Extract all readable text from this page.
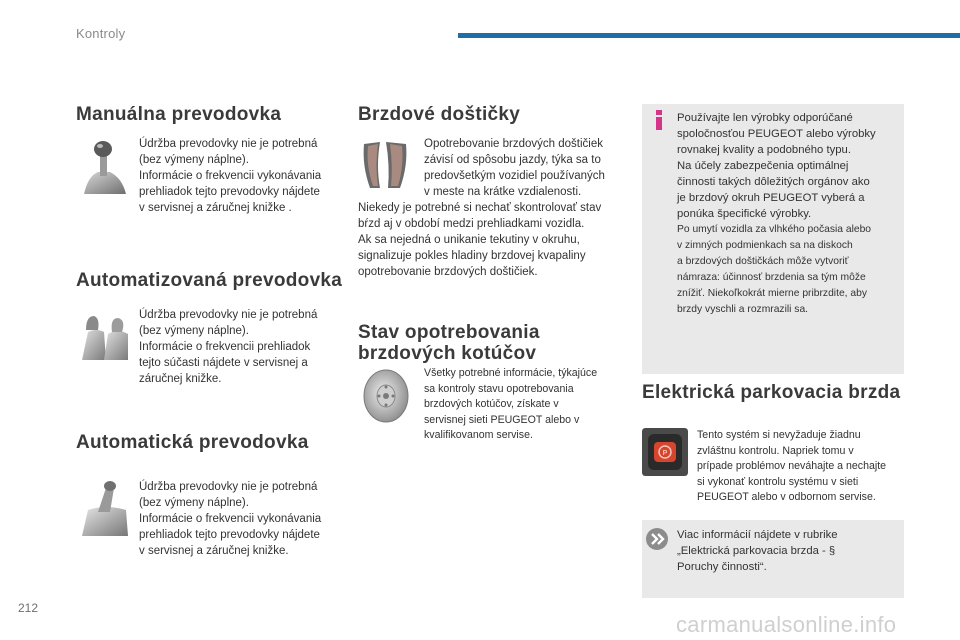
Kontroly
Manuálna prevodovka

Údržba prevodovky nie je potrebná

(bez výmeny náplne).

Informácie o frekvencii vykonávania

prehliadok tejto prevodovky nájdete

v servisnej a záručnej knižke .

Automatizovaná prevodovka

Údržba prevodovky nie je potrebná

(bez výmeny náplne).

Informácie o frekvencii prehliadok

tejto súčasti nájdete v servisnej a

záručnej knižke.

Automatická prevodovka

Údržba prevodovky nie je potrebná

(bez výmeny náplne).

Informácie o frekvencii vykonávania

prehliadok tejto prevodovky nájdete

v servisnej a záručnej knižke.

Brzdové doštičky

Opotrebovanie brzdových doštičiek

závisí od spôsobu jazdy, týka sa to

predovšetkým vozidiel používaných

v meste na krátke vzdialenosti.

Niekedy je potrebné si nechať skontrolovať stav

bŕzd aj v období medzi prehliadkami vozidla.

Ak sa nejedná o unikanie tekutiny v okruhu,

signalizuje pokles hladiny brzdovej kvapaliny

opotrebovanie brzdových doštičiek.

Stav opotrebovania
brzdových kotúčov

Všetky potrebné informácie, týkajúce

sa kontroly stavu opotrebovania

brzdových kotúčov, získate v

servisnej sieti PEUGEOT alebo v

kvalifikovanom servise.

Používajte len výrobky odporúčané

spoločnosťou PEUGEOT alebo výrobky

rovnakej kvality a podobného typu.

Na účely zabezpečenia optimálnej

činnosti takých dôležitých orgánov ako

je brzdový okruh PEUGEOT vyberá a

ponúka špecifické výrobky.

Po umytí vozidla za vlhkého počasia alebo

v zimných podmienkach sa na diskoch

a brzdových doštičkách môže vytvoriť

námraza: účinnosť brzdenia sa tým môže

znížiť. Niekoľkokrát mierne pribrzdite, aby

brzdy vyschli a rozmrazili sa.

Elektrická parkovacia brzda
P

Tento systém si nevyžaduje žiadnu

zvláštnu kontrolu. Napriek tomu v

prípade problémov neváhajte a nechajte

si vykonať kontrolu systému v sieti

PEUGEOT alebo v odbornom servise.

Viac informácií nájdete v rubrike

„Elektrická parkovacia brzda - §

Poruchy činnosti“.

212
carmanualsonline.info
